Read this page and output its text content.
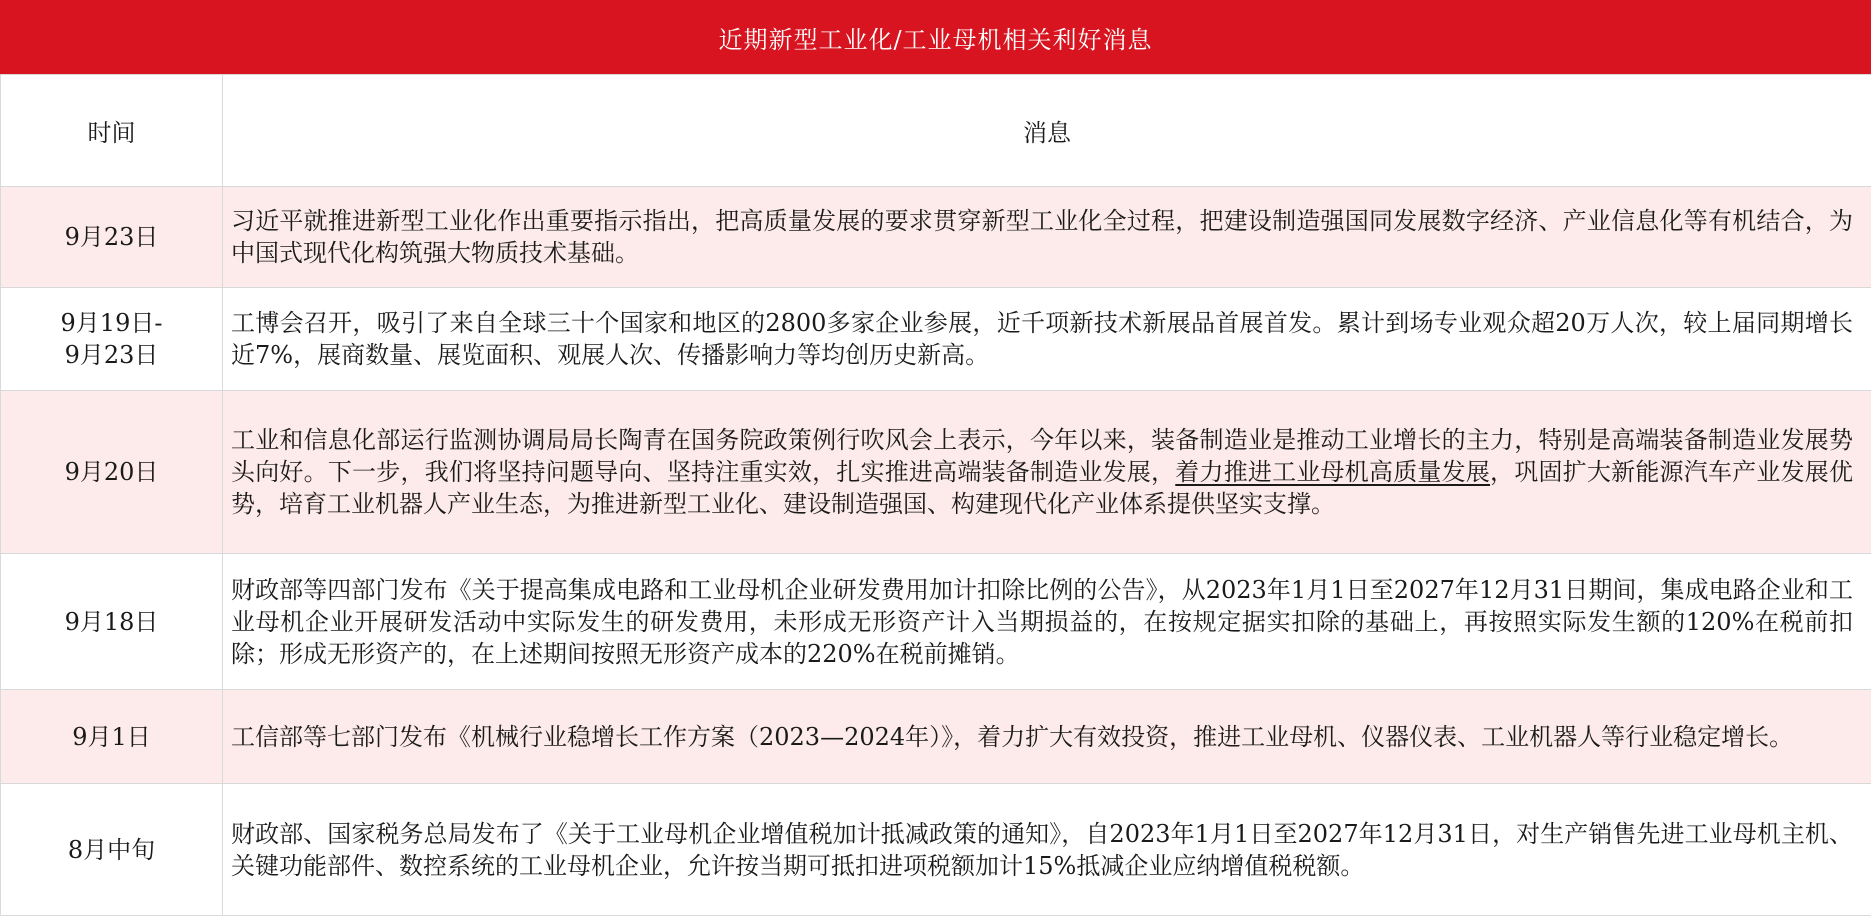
近期新型工业化/工业母机相关利好消息
时间	消息

9月23日	习近平就推进新型工业化作出重要指示指出，把高质量发展的要求贯穿新型工业化全过程，把建设制造强国同发展数字经济、产业信息化等有机结合，为中国式现代化构筑强大物质技术基础。

9月19日-
9月23日	工博会召开，吸引了来自全球三十个国家和地区的2800多家企业参展，近千项新技术新展品首展首发。累计到场专业观众超20万人次，较上届同期增长近7%，展商数量、展览面积、观展人次、传播影响力等均创历史新高。

9月20日	工业和信息化部运行监测协调局局长陶青在国务院政策例行吹风会上表示，今年以来，装备制造业是推动工业增长的主力，特别是高端装备制造业发展势头向好。下一步，我们将坚持问题导向、坚持注重实效，扎实推进高端装备制造业发展，着力推进工业母机高质量发展，巩固扩大新能源汽车产业发展优势，培育工业机器人产业生态，为推进新型工业化、建设制造强国、构建现代化产业体系提供坚实支撑。

9月18日	财政部等四部门发布《关于提高集成电路和工业母机企业研发费用加计扣除比例的公告》，从2023年1月1日至2027年12月31日期间，集成电路企业和工业母机企业开展研发活动中实际发生的研发费用，未形成无形资产计入当期损益的，在按规定据实扣除的基础上，再按照实际发生额的120%在税前扣除；形成无形资产的，在上述期间按照无形资产成本的220%在税前摊销。

9月1日	工信部等七部门发布《机械行业稳增长工作方案（2023—2024年）》，着力扩大有效投资，推进工业母机、仪器仪表、工业机器人等行业稳定增长。

8月中旬	财政部、国家税务总局发布了《关于工业母机企业增值税加计抵减政策的通知》，自2023年1月1日至2027年12月31日，对生产销售先进工业母机主机、关键功能部件、数控系统的工业母机企业，允许按当期可抵扣进项税额加计15%抵减企业应纳增值税税额。
